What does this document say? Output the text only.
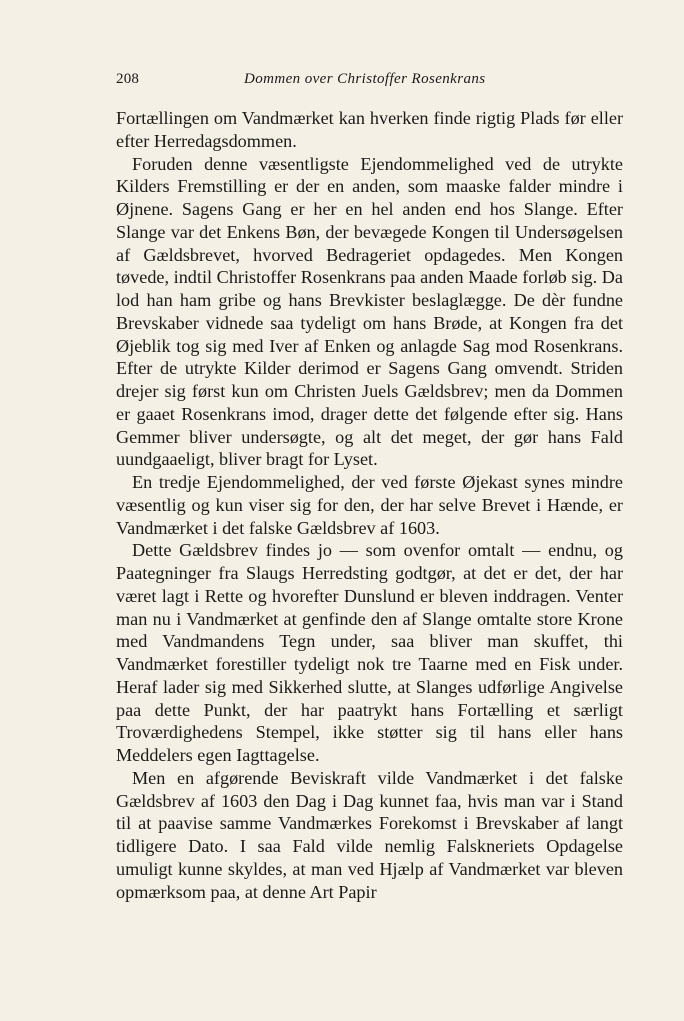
208	Dommen over Christoffer Rosenkrans

Fortællingen om Vandmærket kan hverken finde rigtig Plads før eller efter Herredagsdommen.

Foruden denne væsentligste Ejendommelighed ved de utrykte Kilders Fremstilling er der en anden, som maaske falder mindre i Øjnene. Sagens Gang er her en hel anden end hos Slange. Efter Slange var det Enkens Bøn, der bevægede Kongen til Undersøgelsen af Gældsbrevet, hvorved Bedrageriet opdagedes. Men Kongen tøvede, indtil Christoffer Rosenkrans paa anden Maade forløb sig. Da lod han ham gribe og hans Brevkister beslaglægge. De dèr fundne Brevskaber vidnede saa tydeligt om hans Brøde, at Kongen fra det Øjeblik tog sig med Iver af Enken og anlagde Sag mod Rosenkrans. Efter de utrykte Kilder derimod er Sagens Gang omvendt. Striden drejer sig først kun om Christen Juels Gældsbrev; men da Dommen er gaaet Rosenkrans imod, drager dette det følgende efter sig. Hans Gemmer bliver undersøgte, og alt det meget, der gør hans Fald uundgaaeligt, bliver bragt for Lyset.

En tredje Ejendommelighed, der ved første Øjekast synes mindre væsentlig og kun viser sig for den, der har selve Brevet i Hænde, er Vandmærket i det falske Gældsbrev af 1603.

Dette Gældsbrev findes jo — som ovenfor omtalt — endnu, og Paategninger fra Slaugs Herredsting godtgør, at det er det, der har været lagt i Rette og hvorefter Dunslund er bleven inddragen. Venter man nu i Vandmærket at genfinde den af Slange omtalte store Krone med Vandmandens Tegn under, saa bliver man skuffet, thi Vandmærket forestiller tydeligt nok tre Taarne med en Fisk under. Heraf lader sig med Sikkerhed slutte, at Slanges udførlige Angivelse paa dette Punkt, der har paatrykt hans Fortælling et særligt Troværdighedens Stempel, ikke støtter sig til hans eller hans Meddelers egen Iagttagelse.

Men en afgørende Beviskraft vilde Vandmærket i det falske Gældsbrev af 1603 den Dag i Dag kunnet faa, hvis man var i Stand til at paavise samme Vandmærkes Forekomst i Brevskaber af langt tidligere Dato. I saa Fald vilde nemlig Falskneriets Opdagelse umuligt kunne skyldes, at man ved Hjælp af Vandmærket var bleven opmærksom paa, at denne Art Papir
